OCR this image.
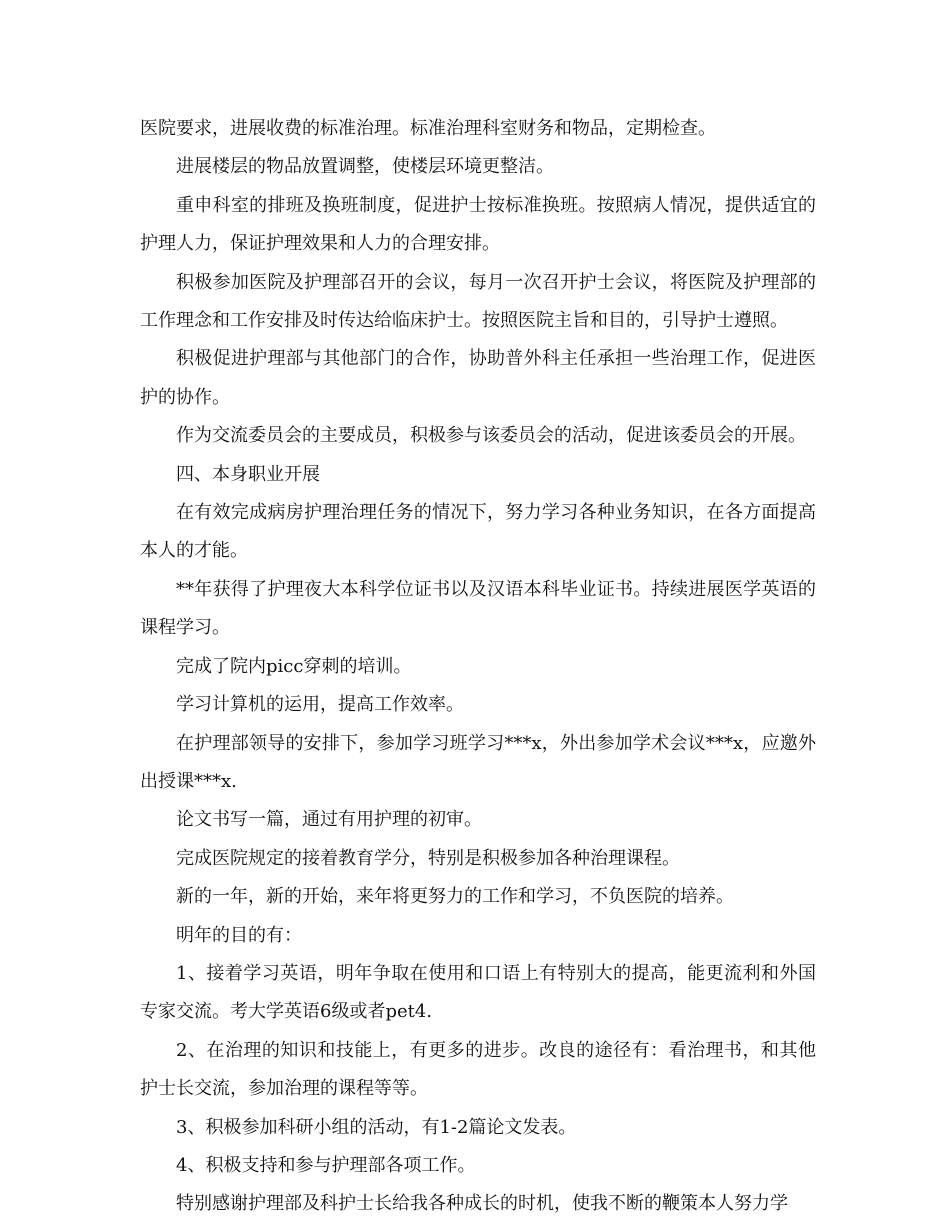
医院要求，进展收费的标准治理。标准治理科室财务和物品，定期检查。

进展楼层的物品放置调整，使楼层环境更整洁。

重申科室的排班及换班制度，促进护士按标准换班。按照病人情况，提供适宜的护理人力，保证护理效果和人力的合理安排。

积极参加医院及护理部召开的会议，每月一次召开护士会议，将医院及护理部的工作理念和工作安排及时传达给临床护士。按照医院主旨和目的，引导护士遵照。

积极促进护理部与其他部门的合作，协助普外科主任承担一些治理工作，促进医护的协作。

作为交流委员会的主要成员，积极参与该委员会的活动，促进该委员会的开展。

四、本身职业开展

在有效完成病房护理治理任务的情况下，努力学习各种业务知识，在各方面提高本人的才能。

**年获得了护理夜大本科学位证书以及汉语本科毕业证书。持续进展医学英语的课程学习。

完成了院内picc穿刺的培训。

学习计算机的运用，提高工作效率。

在护理部领导的安排下，参加学习班学习***x，外出参加学术会议***x，应邀外出授课***x.

论文书写一篇，通过有用护理的初审。

完成医院规定的接着教育学分，特别是积极参加各种治理课程。

新的一年，新的开始，来年将更努力的工作和学习，不负医院的培养。

明年的目的有：

1、接着学习英语，明年争取在使用和口语上有特别大的提高，能更流利和外国专家交流。考大学英语6级或者pet4.

2、在治理的知识和技能上，有更多的进步。改良的途径有：看治理书，和其他护士长交流，参加治理的课程等等。

3、积极参加科研小组的活动，有1-2篇论文发表。

4、积极支持和参与护理部各项工作。

特别感谢护理部及科护士长给我各种成长的时机，使我不断的鞭策本人努力学
